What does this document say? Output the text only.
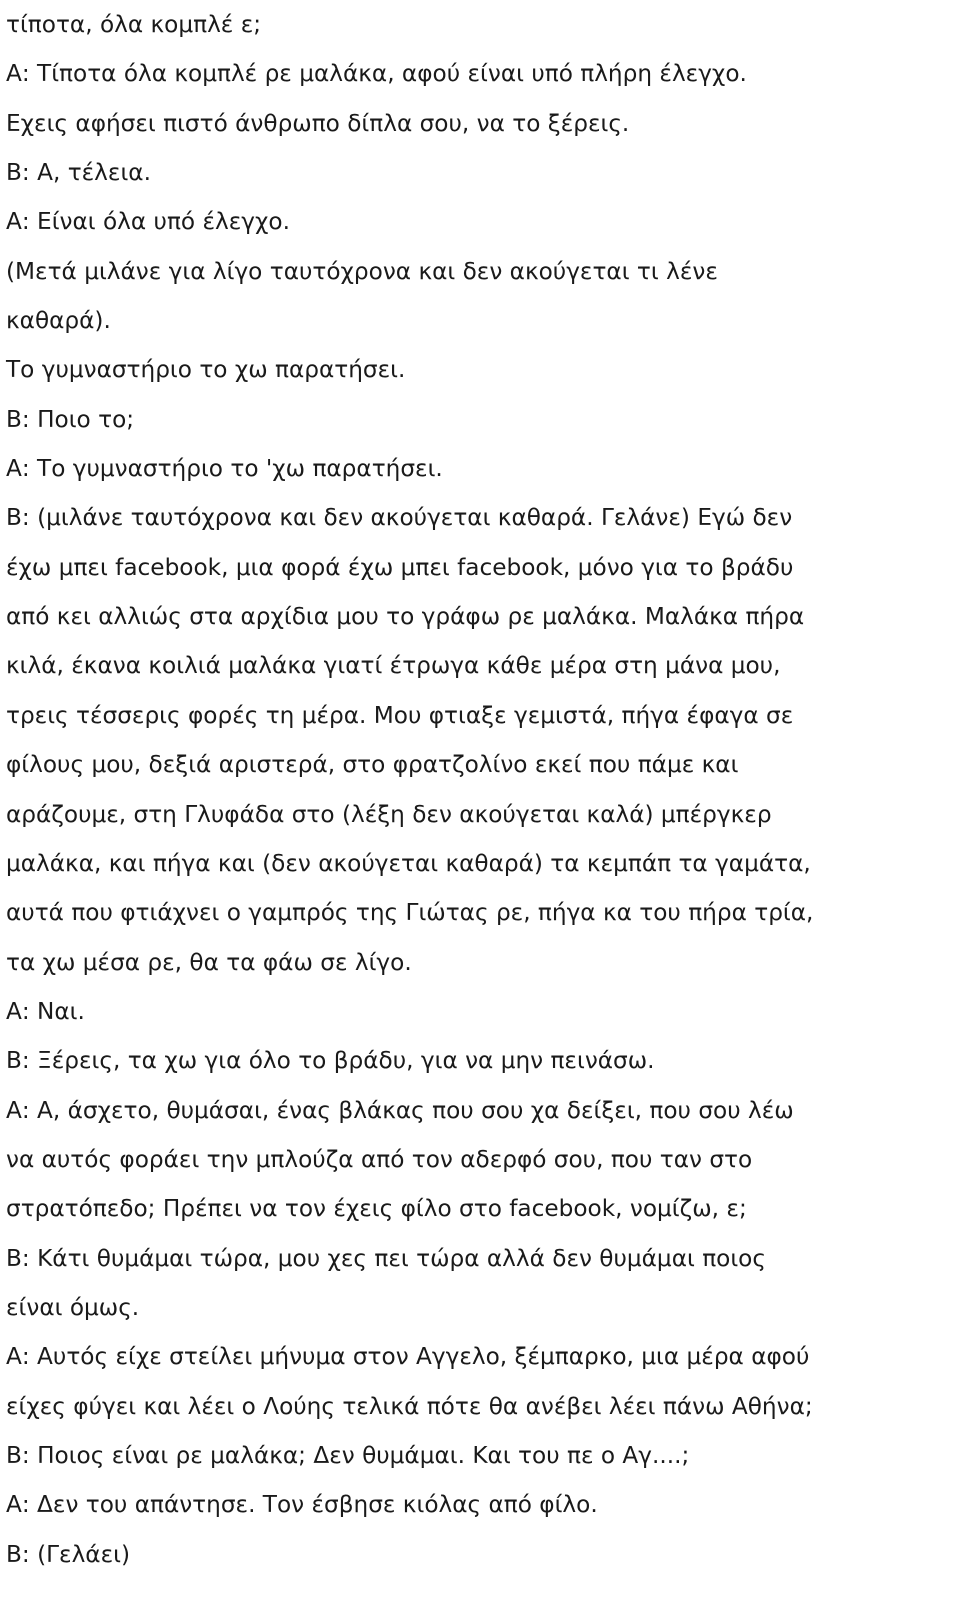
τίποτα, όλα κομπλέ ε;
Α: Τίποτα όλα κομπλέ ρε μαλάκα, αφού είναι υπό πλήρη έλεγχο.
Εχεις αφήσει πιστό άνθρωπο δίπλα σου, να το ξέρεις.
Β: Α, τέλεια.
Α: Είναι όλα υπό έλεγχο.
(Μετά μιλάνε για λίγο ταυτόχρονα και δεν ακούγεται τι λένε
καθαρά).
Το γυμναστήριο το χω παρατήσει.
Β: Ποιο το;
Α: Το γυμναστήριο το 'χω παρατήσει.
Β: (μιλάνε ταυτόχρονα και δεν ακούγεται καθαρά. Γελάνε) Εγώ δεν
έχω μπει facebook, μια φορά έχω μπει facebook, μόνο για το βράδυ
από κει αλλιώς στα αρχίδια μου το γράφω ρε μαλάκα. Μαλάκα πήρα
κιλά, έκανα κοιλιά μαλάκα γιατί έτρωγα κάθε μέρα στη μάνα μου,
τρεις τέσσερις φορές τη μέρα. Μου φτιαξε γεμιστά, πήγα έφαγα σε
φίλους μου, δεξιά αριστερά, στο φρατζολίνο εκεί που πάμε και
αράζουμε, στη Γλυφάδα στο (λέξη δεν ακούγεται καλά) μπέργκερ
μαλάκα, και πήγα και (δεν ακούγεται καθαρά) τα κεμπάπ τα γαμάτα,
αυτά που φτιάχνει ο γαμπρός της Γιώτας ρε, πήγα κα του πήρα τρία,
τα χω μέσα ρε, θα τα φάω σε λίγο.
Α: Ναι.
Β: Ξέρεις, τα χω για όλο το βράδυ, για να μην πεινάσω.
Α: Α, άσχετο, θυμάσαι, ένας βλάκας που σου χα δείξει, που σου λέω
να αυτός φοράει την μπλούζα από τον αδερφό σου, που ταν στο
στρατόπεδο; Πρέπει να τον έχεις φίλο στο facebook, νομίζω, ε;
Β: Κάτι θυμάμαι τώρα, μου χες πει τώρα αλλά δεν θυμάμαι ποιος
είναι όμως.
Α: Αυτός είχε στείλει μήνυμα στον Αγγελο, ξέμπαρκο, μια μέρα αφού
είχες φύγει και λέει ο Λούης τελικά πότε θα ανέβει λέει πάνω Αθήνα;
Β: Ποιος είναι ρε μαλάκα; Δεν θυμάμαι. Και του πε ο Αγ....;
Α: Δεν του απάντησε. Τον έσβησε κιόλας από φίλο.
Β: (Γελάει)
